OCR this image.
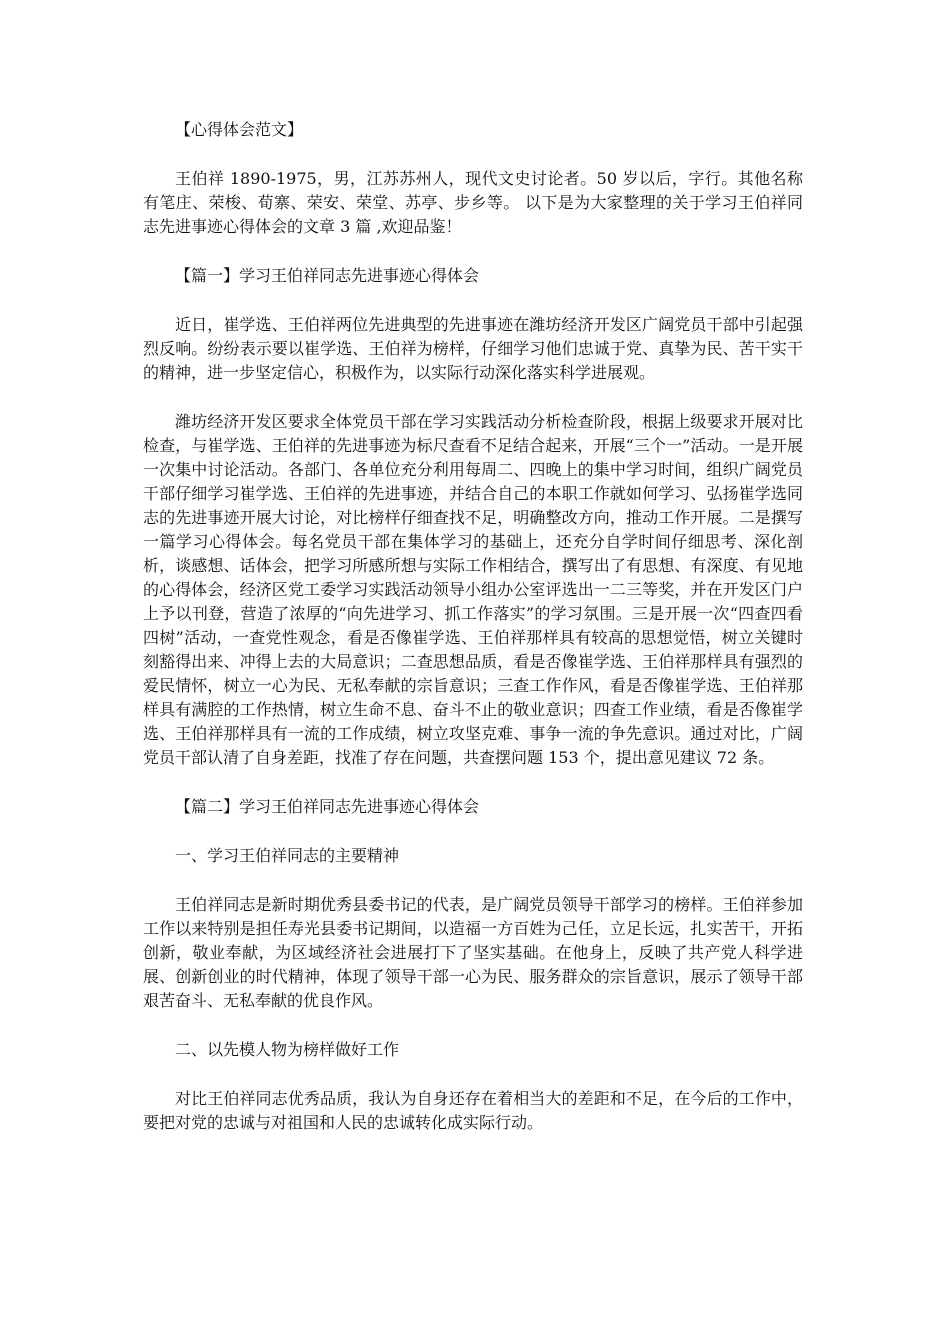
【心得体会范文】

王伯祥 1890-1975，男，江苏苏州人，现代文史讨论者。50 岁以后，字行。其他名称有笔庄、荣梭、荀寨、荣安、荣堂、苏亭、步乡等。 以下是为大家整理的关于学习王伯祥同志先进事迹心得体会的文章 3 篇 ,欢迎品鉴！

【篇一】学习王伯祥同志先进事迹心得体会

近日，崔学选、王伯祥两位先进典型的先进事迹在潍坊经济开发区广阔党员干部中引起强烈反响。纷纷表示要以崔学选、王伯祥为榜样，仔细学习他们忠诚于党、真挚为民、苦干实干的精神，进一步坚定信心，积极作为，以实际行动深化落实科学进展观。

潍坊经济开发区要求全体党员干部在学习实践活动分析检查阶段，根据上级要求开展对比检查，与崔学选、王伯祥的先进事迹为标尺查看不足结合起来，开展“三个一”活动。一是开展一次集中讨论活动。各部门、各单位充分利用每周二、四晚上的集中学习时间，组织广阔党员干部仔细学习崔学选、王伯祥的先进事迹，并结合自己的本职工作就如何学习、弘扬崔学选同志的先进事迹开展大讨论，对比榜样仔细查找不足，明确整改方向，推动工作开展。二是撰写一篇学习心得体会。每名党员干部在集体学习的基础上，还充分自学时间仔细思考、深化剖析，谈感想、话体会，把学习所感所想与实际工作相结合，撰写出了有思想、有深度、有见地的心得体会，经济区党工委学习实践活动领导小组办公室评选出一二三等奖，并在开发区门户上予以刊登，营造了浓厚的“向先进学习、抓工作落实”的学习氛围。三是开展一次“四查四看四树”活动，一查党性观念，看是否像崔学选、王伯祥那样具有较高的思想觉悟，树立关键时刻豁得出来、冲得上去的大局意识；二查思想品质，看是否像崔学选、王伯祥那样具有强烈的爱民情怀，树立一心为民、无私奉献的宗旨意识；三查工作作风，看是否像崔学选、王伯祥那样具有满腔的工作热情，树立生命不息、奋斗不止的敬业意识；四查工作业绩，看是否像崔学选、王伯祥那样具有一流的工作成绩，树立攻坚克难、事争一流的争先意识。通过对比，广阔党员干部认清了自身差距，找准了存在问题，共查摆问题 153 个，提出意见建议 72 条。

【篇二】学习王伯祥同志先进事迹心得体会

一、学习王伯祥同志的主要精神

王伯祥同志是新时期优秀县委书记的代表，是广阔党员领导干部学习的榜样。王伯祥参加工作以来特别是担任寿光县委书记期间，以造福一方百姓为己任，立足长远，扎实苦干，开拓创新，敬业奉献，为区域经济社会进展打下了坚实基础。在他身上，反映了共产党人科学进展、创新创业的时代精神，体现了领导干部一心为民、服务群众的宗旨意识，展示了领导干部艰苦奋斗、无私奉献的优良作风。

二、以先模人物为榜样做好工作

对比王伯祥同志优秀品质，我认为自身还存在着相当大的差距和不足，在今后的工作中，要把对党的忠诚与对祖国和人民的忠诚转化成实际行动。
